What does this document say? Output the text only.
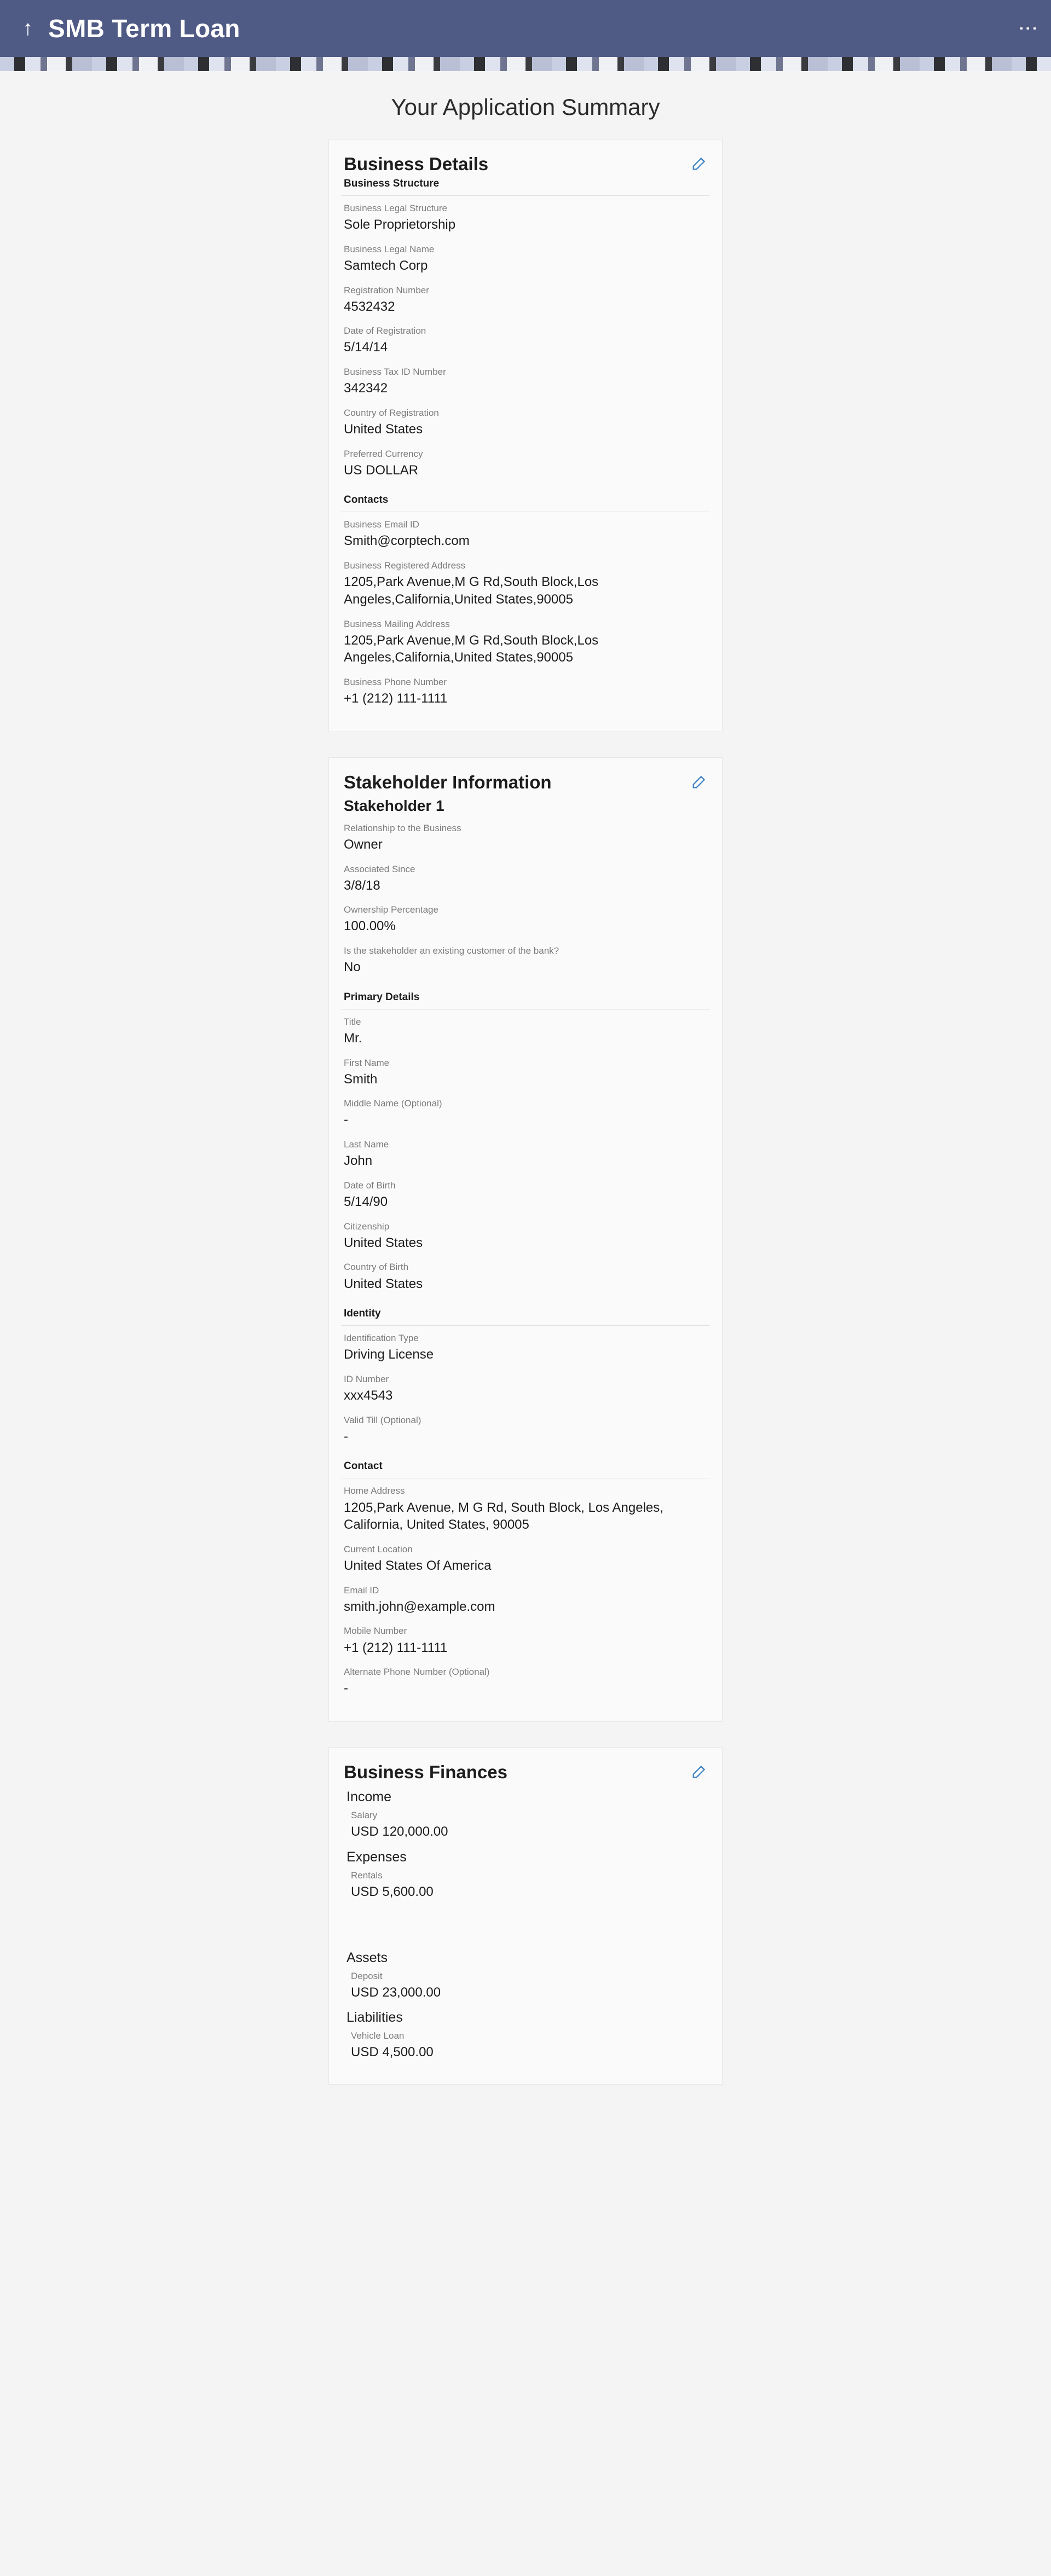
↑ SMB Term Loan	⋮
Your Application Summary
Business Details
Business Structure
Business Legal Structure
Sole Proprietorship
Business Legal Name
Samtech Corp
Registration Number
4532432
Date of Registration
5/14/14
Business Tax ID Number
342342
Country of Registration
United States
Preferred Currency
US DOLLAR
Contacts
Business Email ID
Smith@corptech.com
Business Registered Address
1205,Park Avenue,M G Rd,South Block,Los Angeles,California,United States,90005
Business Mailing Address
1205,Park Avenue,M G Rd,South Block,Los Angeles,California,United States,90005
Business Phone Number
+1 (212) 111-1111
Stakeholder Information
Stakeholder 1
Relationship to the Business
Owner
Associated Since
3/8/18
Ownership Percentage
100.00%
Is the stakeholder an existing customer of the bank?
No
Primary Details
Title
Mr.
First Name
Smith
Middle Name (Optional)
-
Last Name
John
Date of Birth
5/14/90
Citizenship
United States
Country of Birth
United States
Identity
Identification Type
Driving License
ID Number
xxx4543
Valid Till (Optional)
-
Contact
Home Address
1205,Park Avenue, M G Rd, South Block, Los Angeles, California, United States, 90005
Current Location
United States Of America
Email ID
smith.john@example.com
Mobile Number
+1 (212) 111-1111
Alternate Phone Number (Optional)
-
Business Finances
Income
Salary
USD 120,000.00
Expenses
Rentals
USD 5,600.00
Assets
Deposit
USD 23,000.00
Liabilities
Vehicle Loan
USD 4,500.00
